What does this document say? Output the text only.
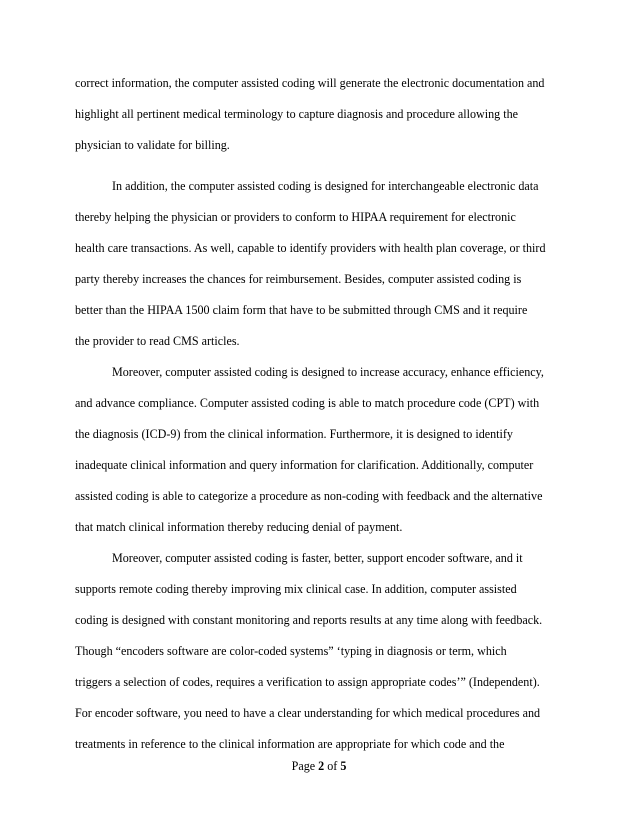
correct information, the computer assisted coding will generate the electronic documentation and

highlight all pertinent medical terminology to capture diagnosis and procedure allowing the

physician to validate for billing.

In addition, the computer assisted coding is designed for interchangeable electronic data

thereby helping the physician or providers to conform to HIPAA requirement for electronic

health care transactions. As well, capable to identify providers with health plan coverage, or third

party thereby increases the chances for reimbursement. Besides, computer assisted coding is

better than the HIPAA 1500 claim form that have to be submitted through CMS and it require

the provider to read CMS articles.

Moreover, computer assisted coding is designed to increase accuracy, enhance efficiency,

and advance compliance. Computer assisted coding is able to match procedure code (CPT) with

the diagnosis (ICD-9) from the clinical information. Furthermore, it is designed to identify

inadequate clinical information and query information for clarification. Additionally, computer

assisted coding is able to categorize a procedure as non-coding with feedback and the alternative

that match clinical information thereby reducing denial of payment.

Moreover, computer assisted coding is faster, better, support encoder software, and it

supports remote coding thereby improving mix clinical case. In addition, computer assisted

coding is designed with constant monitoring and reports results at any time along with feedback.

Though “encoders software are color-coded systems” ‘typing in diagnosis or term, which

triggers a selection of codes, requires a verification to assign appropriate codes’” (Independent).

For encoder software, you need to have a clear understanding for which medical procedures and

treatments in reference to the clinical information are appropriate for which code and the

Page 2 of 5
